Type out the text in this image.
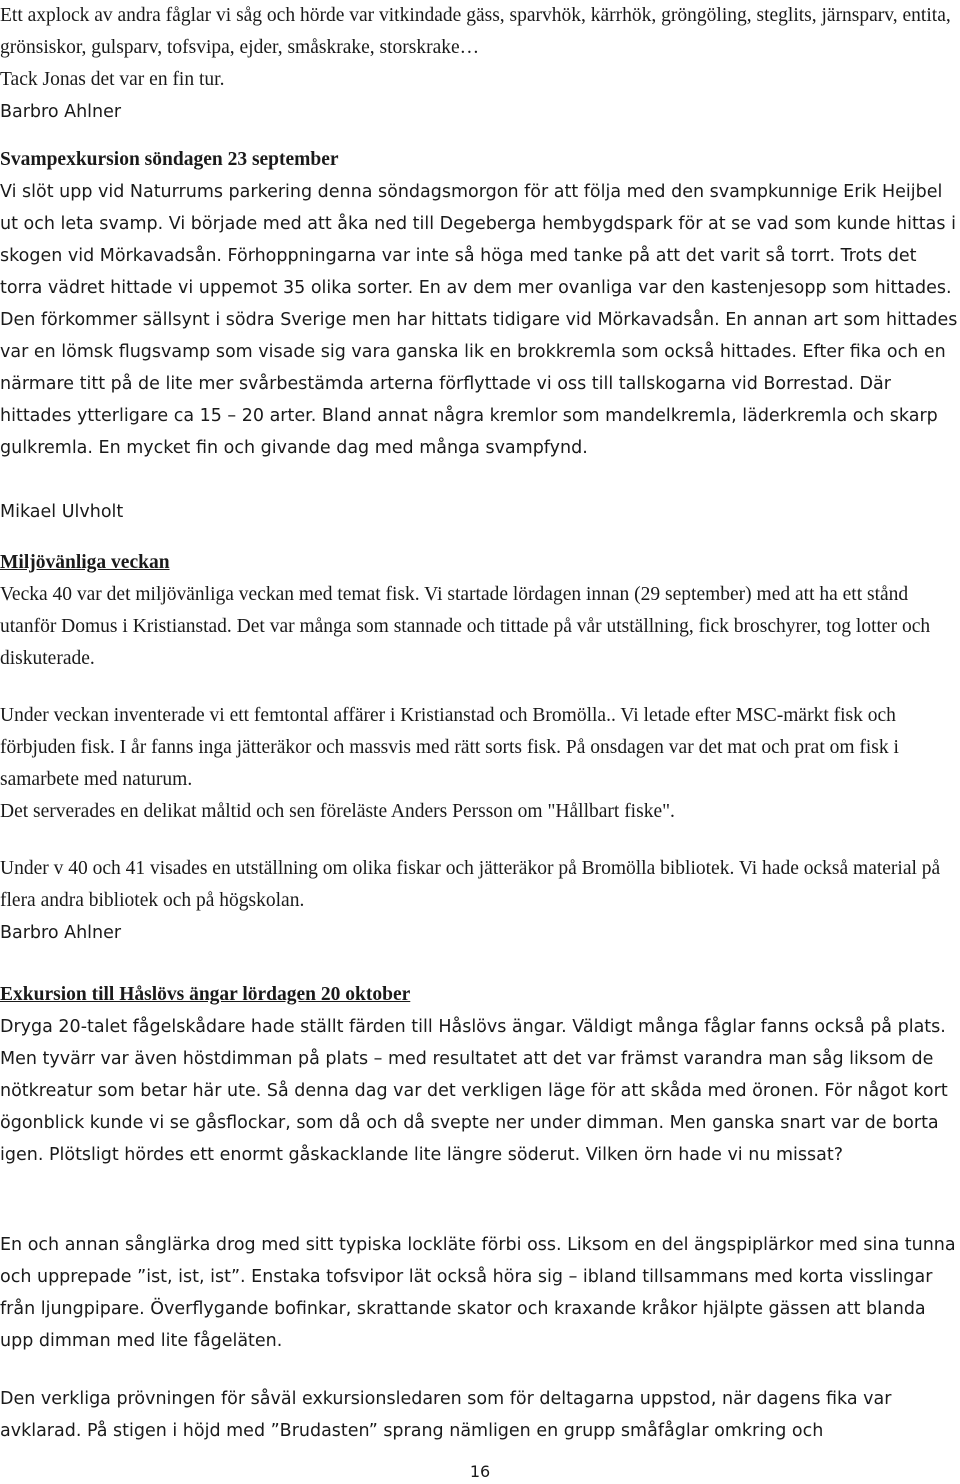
Ett axplock av andra fåglar vi såg och hörde var vitkindade gäss, sparvhök, kärrhök, gröngöling, steglits, järnsparv, entita, grönsiskor, gulsparv, tofsvipa, ejder, småskrake, storskrake…

Tack Jonas det var en fin tur.

Barbro Ahlner

Svampexkursion söndagen 23 september

Vi slöt upp vid Naturrums parkering denna söndagsmorgon för att följa med den svampkunnige Erik Heijbel ut och leta svamp. Vi började med att åka ned till Degeberga hembygdspark för at se vad som kunde hittas i skogen vid Mörkavadsån. Förhoppningarna var inte så höga med tanke på att det varit så torrt. Trots det torra vädret hittade vi uppemot 35 olika sorter. En av dem mer ovanliga var den kastenjesopp som hittades. Den förkommer sällsynt i södra Sverige men har hittats tidigare vid Mörkavadsån. En annan art som hittades var en lömsk flugsvamp som visade sig vara ganska lik en brokkremla som också hittades. Efter fika och en närmare titt på de lite mer svårbestämda arterna förflyttade vi oss till tallskogarna vid Borrestad. Där hittades ytterligare ca 15 – 20 arter. Bland annat några kremlor som mandelkremla, läderkremla och skarp gulkremla. En mycket fin och givande dag med många svampfynd.

Mikael Ulvholt

Miljövänliga veckan

Vecka 40 var det miljövänliga veckan med temat fisk. Vi startade lördagen innan (29 september) med att ha ett stånd utanför Domus i Kristianstad. Det var många som stannade och tittade på vår utställning, fick broschyrer, tog lotter och diskuterade.

Under veckan inventerade vi ett femtontal affärer i Kristianstad och Bromölla.. Vi letade efter MSC-märkt fisk och förbjuden fisk. I år fanns inga jätteräkor och massvis med rätt sorts fisk. På onsdagen var det mat och prat om fisk i samarbete med naturum.

Det serverades en delikat måltid och sen föreläste Anders Persson om "Hållbart fiske".

Under v 40 och 41 visades en utställning om olika fiskar och jätteräkor på Bromölla bibliotek. Vi hade också material på flera andra bibliotek och på högskolan.

Barbro Ahlner

Exkursion till Håslövs ängar lördagen 20 oktober

Dryga 20-talet fågelskådare hade ställt färden till Håslövs ängar. Väldigt många fåglar fanns också på plats. Men tyvärr var även höstdimman på plats – med resultatet att det var främst varandra man såg liksom de nötkreatur som betar här ute. Så denna dag var det verkligen läge för att skåda med öronen. För något kort ögonblick kunde vi se gåsflockar, som då och då svepte ner under dimman. Men ganska snart var de borta igen. Plötsligt hördes ett enormt gåskacklande lite längre söderut. Vilken örn hade vi nu missat?

En och annan sånglärka drog med sitt typiska lockläte förbi oss. Liksom en del ängspiplärkor med sina tunna och upprepade ”ist, ist, ist”. Enstaka tofsvipor lät också höra sig – ibland tillsammans med korta visslingar från ljungpipare. Överflygande bofinkar, skrattande skator och kraxande kråkor hjälpte gässen att blanda upp dimman med lite fågeläten.

Den verkliga prövningen för såväl exkursionsledaren som för deltagarna uppstod, när dagens fika var avklarad. På stigen i höjd med ”Brudasten” sprang nämligen en grupp småfåglar omkring och

16
